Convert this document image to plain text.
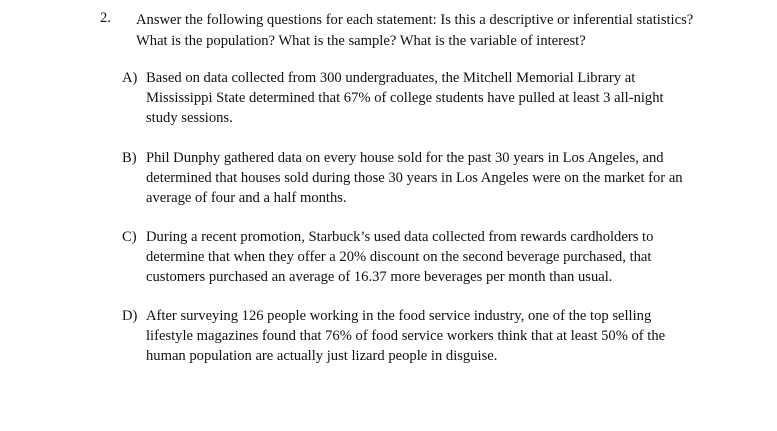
2. Answer the following questions for each statement: Is this a descriptive or inferential statistics? What is the population? What is the sample? What is the variable of interest?

A) Based on data collected from 300 undergraduates, the Mitchell Memorial Library at Mississippi State determined that 67% of college students have pulled at least 3 all-night study sessions.

B) Phil Dunphy gathered data on every house sold for the past 30 years in Los Angeles, and determined that houses sold during those 30 years in Los Angeles were on the market for an average of four and a half months.

C) During a recent promotion, Starbuck’s used data collected from rewards cardholders to determine that when they offer a 20% discount on the second beverage purchased, that customers purchased an average of 16.37 more beverages per month than usual.

D) After surveying 126 people working in the food service industry, one of the top selling lifestyle magazines found that 76% of food service workers think that at least 50% of the human population are actually just lizard people in disguise.
